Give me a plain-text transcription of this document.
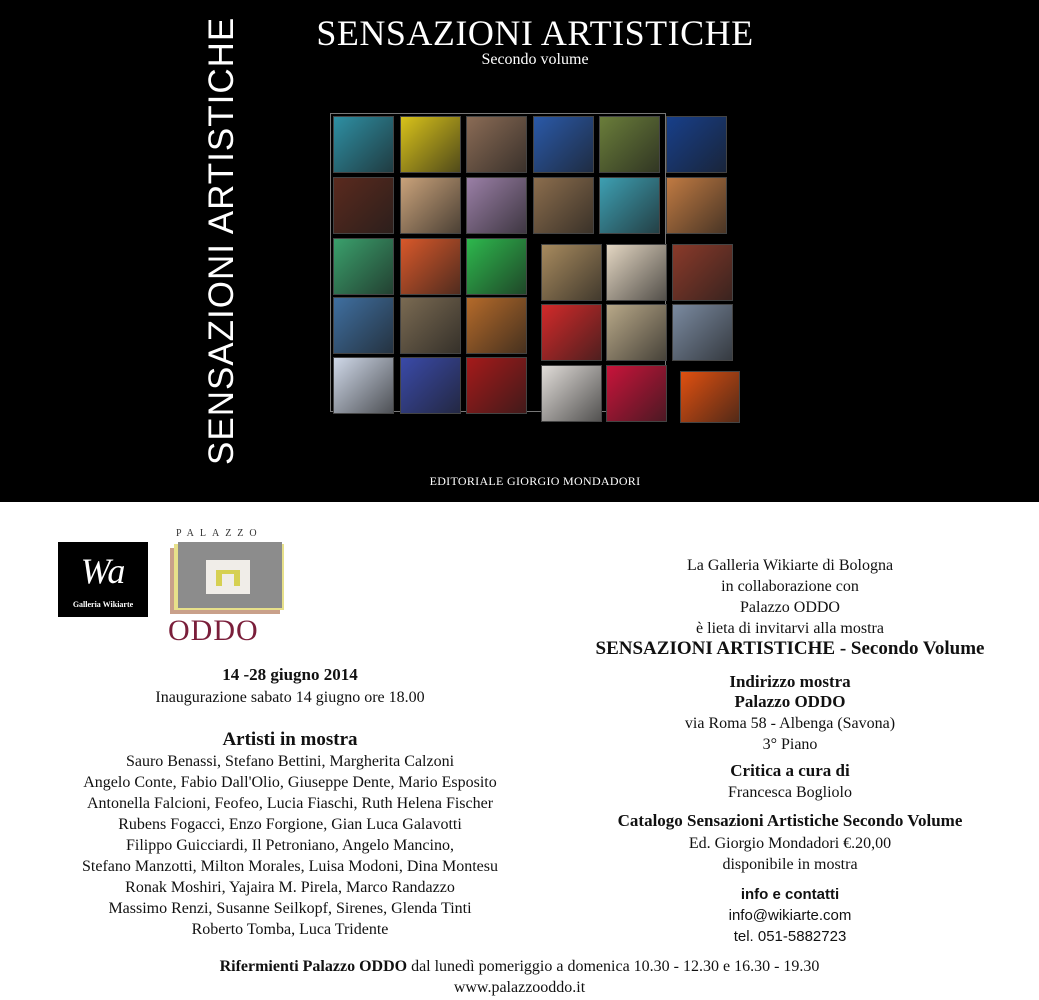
SENSAZIONI ARTISTICHE
Secondo volume
SENSAZIONI ARTISTICHE
EDITORIALE GIORGIO MONDADORI
Wa
Galleria Wikiarte
PALAZZO
ODDO
14 -28 giugno 2014
Inaugurazione sabato 14 giugno ore 18.00
Artisti in mostra
Sauro Benassi, Stefano Bettini, Margherita Calzoni
Angelo Conte, Fabio Dall'Olio, Giuseppe Dente, Mario Esposito
Antonella Falcioni, Feofeo, Lucia Fiaschi, Ruth Helena Fischer
Rubens Fogacci, Enzo Forgione, Gian Luca Galavotti
Filippo Guicciardi, Il Petroniano, Angelo Mancino,
Stefano Manzotti, Milton Morales, Luisa Modoni, Dina Montesu
Ronak Moshiri, Yajaira M. Pirela, Marco Randazzo
Massimo Renzi, Susanne Seilkopf, Sirenes, Glenda Tinti
Roberto Tomba, Luca Tridente
La Galleria Wikiarte di Bologna
in collaborazione con
Palazzo ODDO
è lieta di invitarvi alla mostra
SENSAZIONI ARTISTICHE - Secondo Volume
Indirizzo mostra
Palazzo ODDO
via Roma 58 - Albenga (Savona)
3° Piano
Critica a cura di
Francesca Bogliolo
Catalogo Sensazioni Artistiche Secondo Volume
Ed. Giorgio Mondadori €.20,00
disponibile in mostra
info e contatti
info@wikiarte.com
tel. 051-5882723
Rifermienti Palazzo ODDO dal lunedì pomeriggio a domenica 10.30 - 12.30 e 16.30 - 19.30
www.palazzooddo.it
